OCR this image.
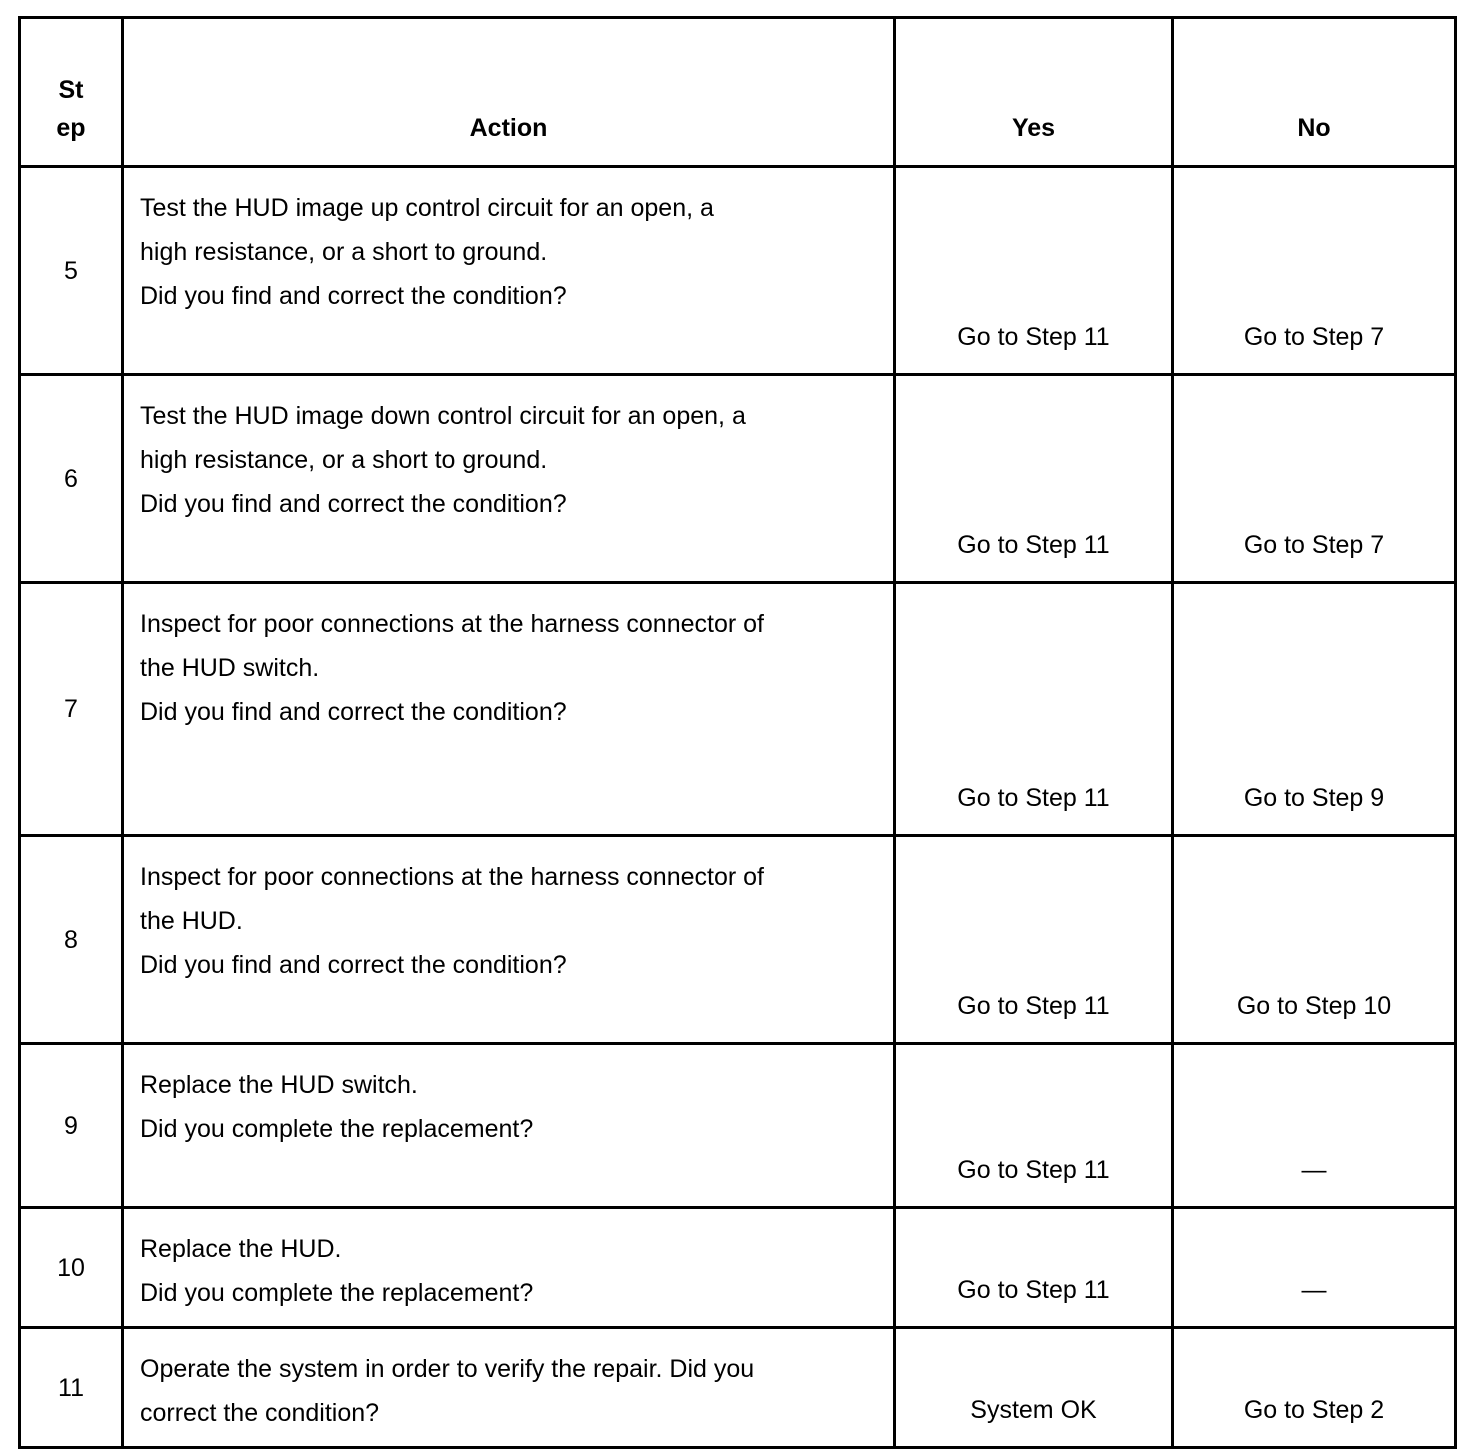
St
ep	Action	Yes	No
5	Test the HUD image up control circuit for an open, a
high resistance, or a short to ground.
Did you find and correct the condition?	Go to Step 11	Go to Step 7
6	Test the HUD image down control circuit for an open, a
high resistance, or a short to ground.
Did you find and correct the condition?	Go to Step 11	Go to Step 7
7	Inspect for poor connections at the harness connector of
the HUD switch.
Did you find and correct the condition?	Go to Step 11	Go to Step 9
8	Inspect for poor connections at the harness connector of
the HUD.
Did you find and correct the condition?	Go to Step 11	Go to Step 10
9	Replace the HUD switch.
Did you complete the replacement?	Go to Step 11	—
10	Replace the HUD.
Did you complete the replacement?	Go to Step 11	—
11	Operate the system in order to verify the repair. Did you
correct the condition?	System OK	Go to Step 2
